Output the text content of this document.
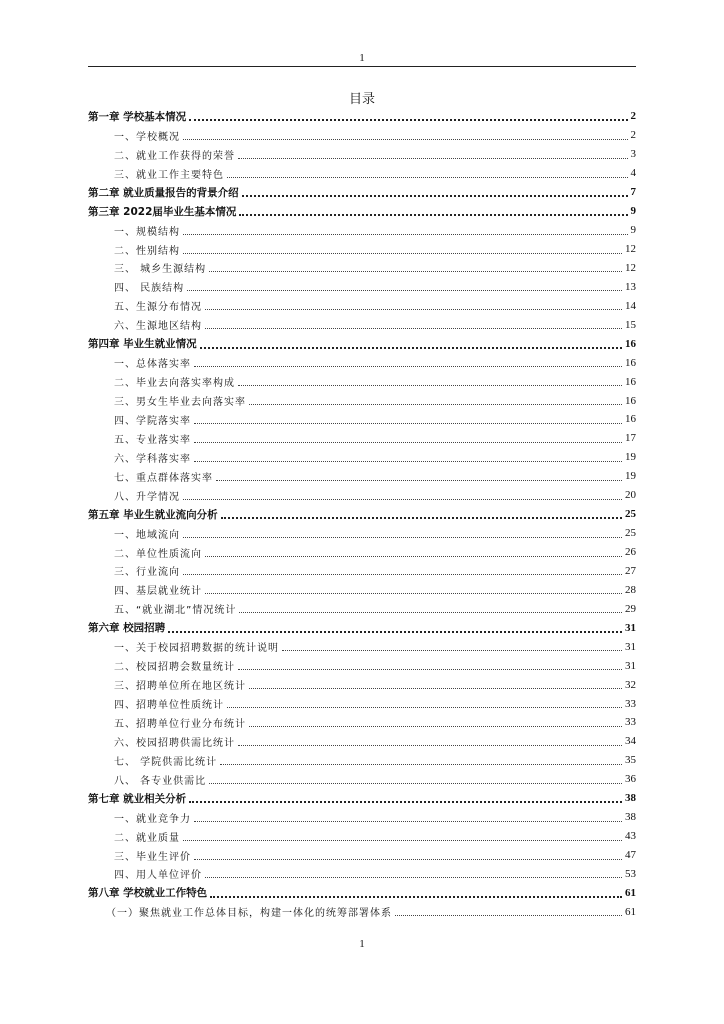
1
目录
第一章 学校基本情况	2
一、学校概况	2
二、就业工作获得的荣誉	3
三、就业工作主要特色	4
第二章 就业质量报告的背景介绍	7
第三章 2022届毕业生基本情况	9
一、规模结构	9
二、性别结构	12
三、 城乡生源结构	12
四、 民族结构	13
五、生源分布情况	14
六、生源地区结构	15
第四章 毕业生就业情况	16
一、总体落实率	16
二、毕业去向落实率构成	16
三、男女生毕业去向落实率	16
四、学院落实率	16
五、专业落实率	17
六、学科落实率	19
七、重点群体落实率	19
八、升学情况	20
第五章 毕业生就业流向分析	25
一、地域流向	25
二、单位性质流向	26
三、行业流向	27
四、基层就业统计	28
五、“就业湖北”情况统计	29
第六章 校园招聘	31
一、关于校园招聘数据的统计说明	31
二、校园招聘会数量统计	31
三、招聘单位所在地区统计	32
四、招聘单位性质统计	33
五、招聘单位行业分布统计	33
六、校园招聘供需比统计	34
七、 学院供需比统计	35
八、 各专业供需比	36
第七章 就业相关分析	38
一、就业竞争力	38
二、就业质量	43
三、毕业生评价	47
四、用人单位评价	53
第八章 学校就业工作特色	61
（一）聚焦就业工作总体目标，构建一体化的统筹部署体系	61
1
